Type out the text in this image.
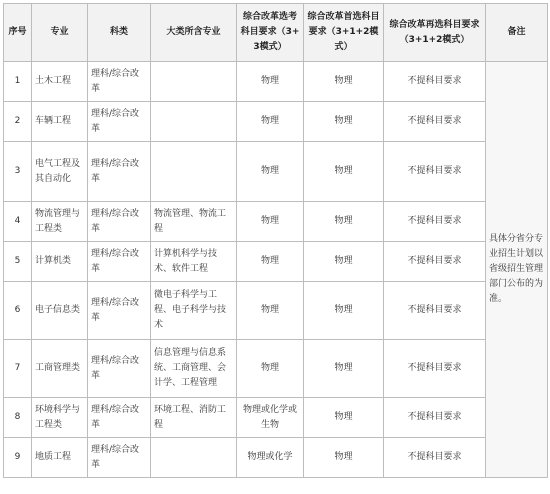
序号	专业	科类	大类所含专业	综合改革选考科目要求（3+3模式）	综合改革首选科目要求（3+1+2模式）	综合改革再选科目要求（3+1+2模式）	备注
1	土木工程	理科/综合改革		物理	物理	不提科目要求	具体分省分专业招生计划以省级招生管理部门公布的为准。
2	车辆工程	理科/综合改革		物理	物理	不提科目要求	
3	电气工程及其自动化	理科/综合改革		物理	物理	不提科目要求	
4	物流管理与工程类	理科/综合改革	物流管理、物流工程	物理	物理	不提科目要求	
5	计算机类	理科/综合改革	计算机科学与技术、软件工程	物理	物理	不提科目要求	
6	电子信息类	理科/综合改革	微电子科学与工程、电子科学与技术	物理	物理	不提科目要求	
7	工商管理类	理科/综合改革	信息管理与信息系统、工商管理、会计学、工程管理	物理	物理	不提科目要求	
8	环境科学与工程类	理科/综合改革	环境工程、消防工程	物理或化学或生物	物理	不提科目要求	
9	地质工程	理科/综合改革		物理或化学	物理	不提科目要求	
